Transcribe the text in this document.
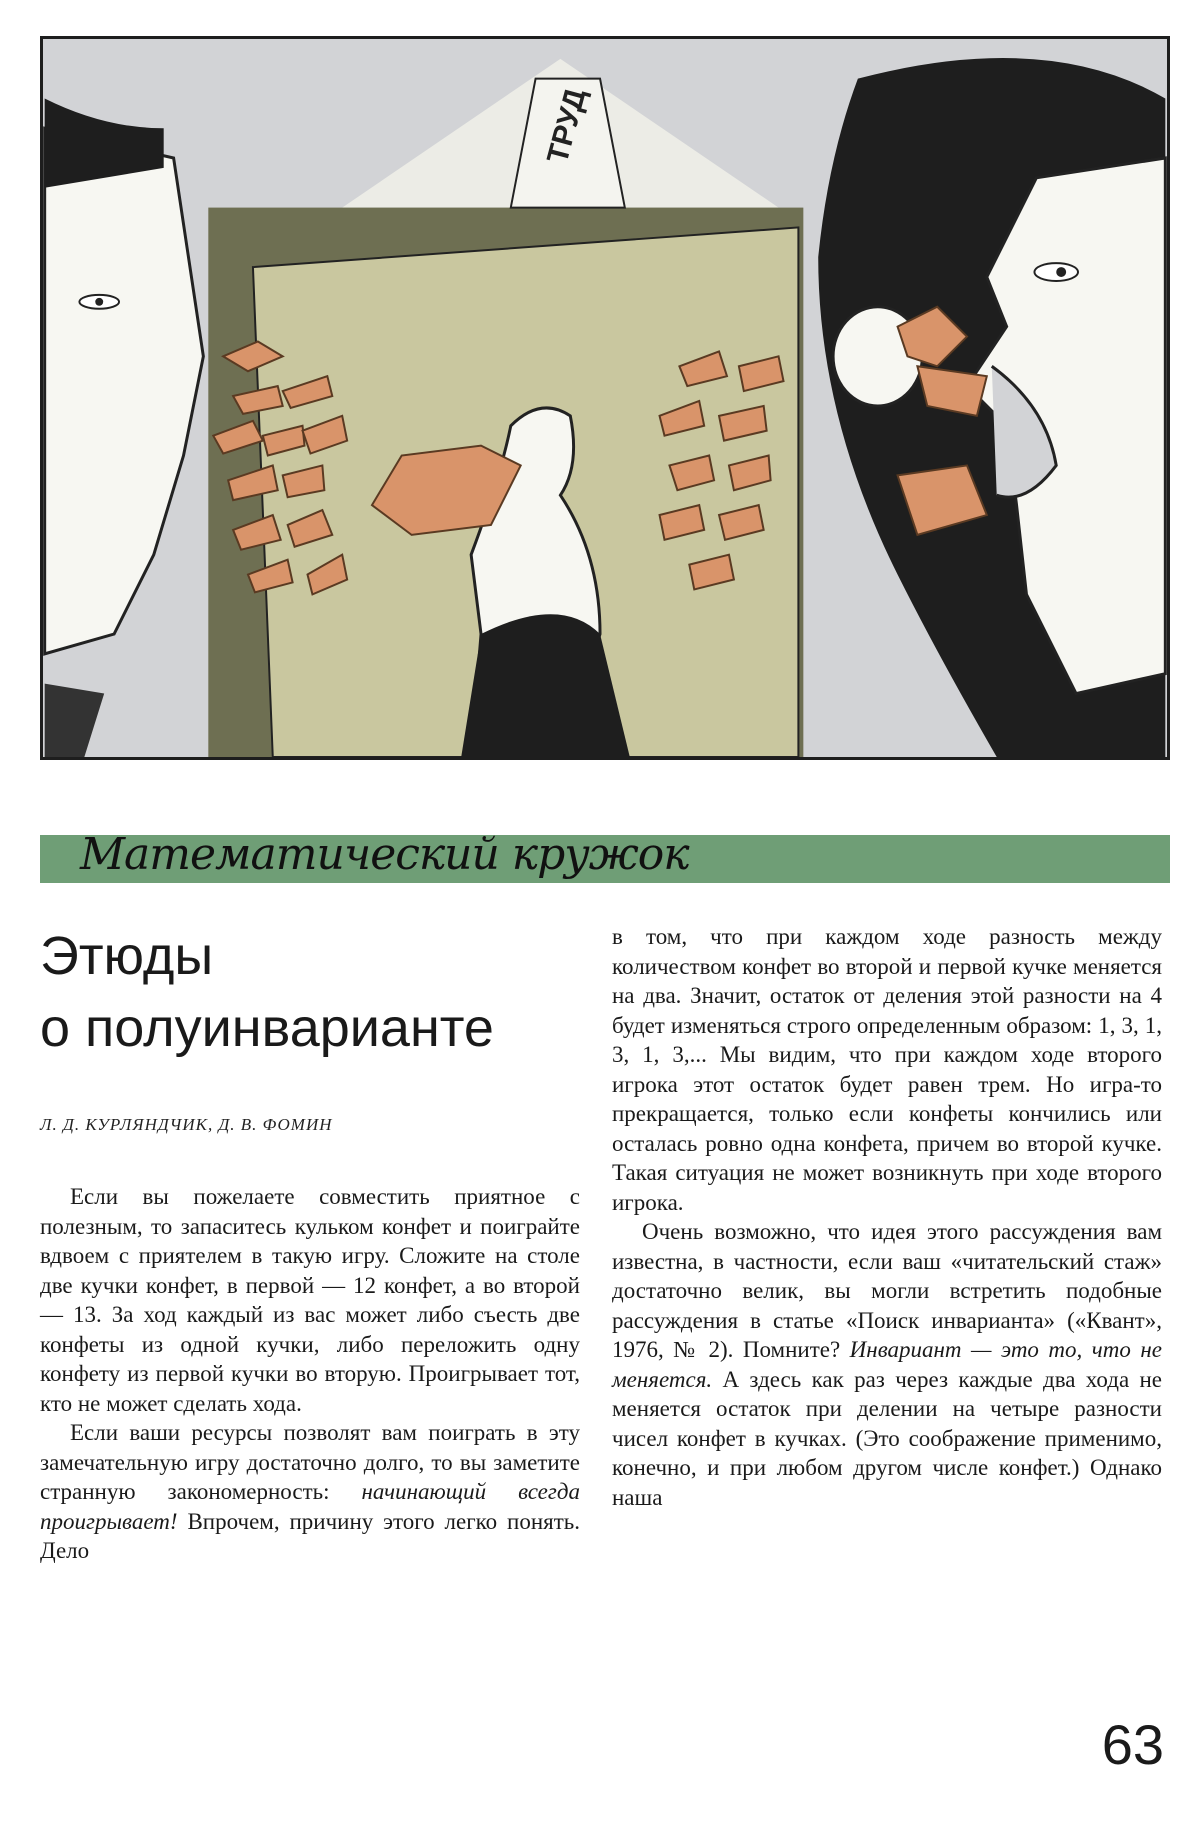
ТРУД
Математический кружок
Этюды
о полуинварианте
Л. Д. КУРЛЯНДЧИК, Д. В. ФОМИН

Если вы пожелаете совместить приятное с полезным, то запаситесь кульком конфет и поиграйте вдвоем с приятелем в такую игру. Сложите на столе две кучки конфет, в первой — 12 конфет, а во второй — 13. За ход каждый из вас может либо съесть две конфеты из одной кучки, либо переложить одну конфету из первой кучки во вторую. Проигрывает тот, кто не может сделать хода.

Если ваши ресурсы позволят вам поиграть в эту замечательную игру достаточно долго, то вы заметите странную закономерность: начинающий всегда проигрывает! Впрочем, причину этого легко понять. Дело

в том, что при каждом ходе разность между количеством конфет во второй и первой кучке меняется на два. Значит, остаток от деления этой разности на 4 будет изменяться строго определенным образом: 1, 3, 1, 3, 1, 3,... Мы видим, что при каждом ходе второго игрока этот остаток будет равен трем. Но игра-то прекращается, только если конфеты кончились или осталась ровно одна конфета, причем во второй кучке. Такая ситуация не может возникнуть при ходе второго игрока.

Очень возможно, что идея этого рассуждения вам известна, в частности, если ваш «читательский стаж» достаточно велик, вы могли встретить подобные рассуждения в статье «Поиск инварианта» («Квант», 1976, № 2). Помните? Инвариант — это то, что не меняется. А здесь как раз через каждые два хода не меняется остаток при делении на четыре разности чисел конфет в кучках. (Это соображение применимо, конечно, и при любом другом числе конфет.) Однако наша

63
